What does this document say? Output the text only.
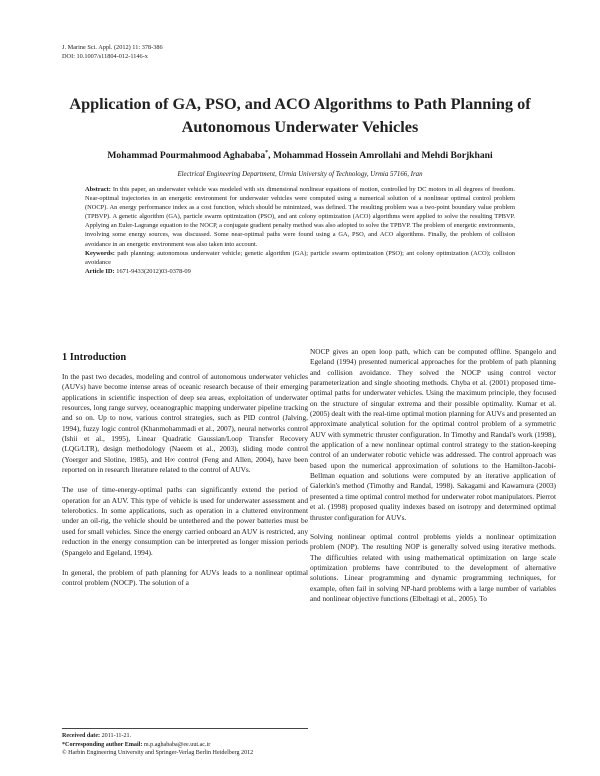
J. Marine Sci. Appl. (2012) 11: 378-386
DOI: 10.1007/s11804-012-1146-x
Application of GA, PSO, and ACO Algorithms to Path Planning of Autonomous Underwater Vehicles
Mohammad Pourmahmood Aghababa*, Mohammad Hossein Amrollahi and Mehdi Borjkhani
Electrical Engineering Department, Urmia University of Technology, Urmia 57166, Iran

Abstract: In this paper, an underwater vehicle was modeled with six dimensional nonlinear equations of motion, controlled by DC motors in all degrees of freedom. Near-optimal trajectories in an energetic environment for underwater vehicles were computed using a numerical solution of a nonlinear optimal control problem (NOCP). An energy performance index as a cost function, which should be minimized, was defined. The resulting problem was a two-point boundary value problem (TPBVP). A genetic algorithm (GA), particle swarm optimization (PSO), and ant colony optimization (ACO) algorithms were applied to solve the resulting TPBVP. Applying an Euler-Lagrange equation to the NOCP, a conjugate gradient penalty method was also adopted to solve the TPBVP. The problem of energetic environments, involving some energy sources, was discussed. Some near-optimal paths were found using a GA, PSO, and ACO algorithms. Finally, the problem of collision avoidance in an energetic environment was also taken into account.

Keywords: path planning; autonomous underwater vehicle; genetic algorithm (GA); particle swarm optimization (PSO); ant colony optimization (ACO); collision avoidance

Article ID: 1671-9433(2012)03-0378-09

1 Introduction

In the past two decades, modeling and control of autonomous underwater vehicles (AUVs) have become intense areas of oceanic research because of their emerging applications in scientific inspection of deep sea areas, exploitation of underwater resources, long range survey, oceanographic mapping underwater pipeline tracking and so on. Up to now, various control strategies, such as PID control (Jalving, 1994), fuzzy logic control (Khanmohammadi et al., 2007), neural networks control (Ishii et al., 1995), Linear Quadratic Gaussian/Loop Transfer Recovery (LQG/LTR), design methodology (Naeem et al., 2003), sliding mode control (Yoerger and Slotine, 1985), and H∞ control (Feng and Allen, 2004), have been reported on in research literature related to the control of AUVs.

The use of time-energy-optimal paths can significantly extend the period of operation for an AUV. This type of vehicle is used for underwater assessment and telerobotics. In some applications, such as operation in a cluttered environment under an oil-rig, the vehicle should be untethered and the power batteries must be used for small vehicles. Since the energy carried onboard an AUV is restricted, any reduction in the energy consumption can be interpreted as longer mission periods (Spangelo and Egeland, 1994).

In general, the problem of path planning for AUVs leads to a nonlinear optimal control problem (NOCP). The solution of a

NOCP gives an open loop path, which can be computed offline. Spangelo and Egeland (1994) presented numerical approaches for the problem of path planning and collision avoidance. They solved the NOCP using control vector parameterization and single shooting methods. Chyba et al. (2001) proposed time-optimal paths for underwater vehicles. Using the maximum principle, they focused on the structure of singular extrema and their possible optimality. Kumar et al. (2005) dealt with the real-time optimal motion planning for AUVs and presented an approximate analytical solution for the optimal control problem of a symmetric AUV with symmetric thruster configuration. In Timothy and Randal's work (1998), the application of a new nonlinear optimal control strategy to the station-keeping control of an underwater robotic vehicle was addressed. The control approach was based upon the numerical approximation of solutions to the Hamilton-Jacobi-Bellman equation and solutions were computed by an iterative application of Galerkin's method (Timothy and Randal, 1998). Sakagami and Kawamura (2003) presented a time optimal control method for underwater robot manipulators. Pierrot et al. (1998) proposed quality indexes based on isotropy and determined optimal thruster configuration for AUVs.

Solving nonlinear optimal control problems yields a nonlinear optimization problem (NOP). The resulting NOP is generally solved using iterative methods. The difficulties related with using mathematical optimization on large scale optimization problems have contributed to the development of alternative solutions. Linear programming and dynamic programming techniques, for example, often fail in solving NP-hard problems with a large number of variables and nonlinear objective functions (Elbeltagi et al., 2005). To

Received date: 2011-11-21.
*Corresponding author Email: m.p.aghababa@ee.uut.ac.ir
© Harbin Engineering University and Springer-Verlag Berlin Heidelberg 2012
